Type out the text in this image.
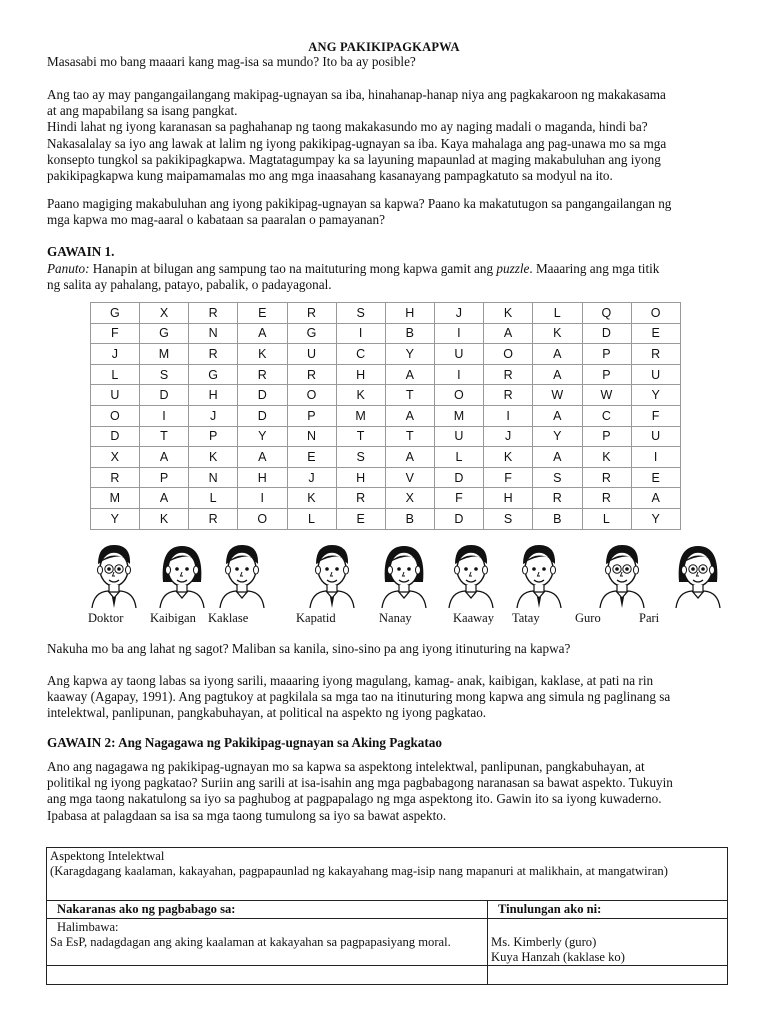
ANG PAKIKIPAGKAPWA

Masasabi mo bang maaari kang mag-isa sa mundo? Ito ba ay posible?

Ang tao ay may pangangailangang makipag-ugnayan sa iba, hinahanap-hanap niya ang pagkakaroon ng makakasama
at ang mapabilang sa isang pangkat.
Hindi lahat ng iyong karanasan sa paghahanap ng taong makakasundo mo ay naging madali o maganda, hindi ba?
Nakasalalay sa iyo ang lawak at lalim ng iyong pakikipag-ugnayan sa iba. Kaya mahalaga ang pag-unawa mo sa mga
konsepto tungkol sa pakikipagkapwa. Magtatagumpay ka sa layuning mapaunlad at maging makabuluhan ang iyong
pakikipagkapwa kung maipamamalas mo ang mga inaasahang kasanayang pampagkatuto sa modyul na ito.
Paano magiging makabuluhan ang iyong pakikipag-ugnayan sa kapwa? Paano ka makatutugon sa pangangailangan ng
mga kapwa mo mag-aaral o kabataan sa paaralan o pamayanan?
GAWAIN 1.
Panuto: Hanapin at bilugan ang sampung tao na maituturing mong kapwa gamit ang puzzle. Maaaring ang mga titik
ng salita ay pahalang, patayo, pabalik, o padayagonal.
G	X	R	E	R	S	H	J	K	L	Q	O
F	G	N	A	G	I	B	I	A	K	D	E
J	M	R	K	U	C	Y	U	O	A	P	R
L	S	G	R	R	H	A	I	R	A	P	U
U	D	H	D	O	K	T	O	R	W	W	Y
O	I	J	D	P	M	A	M	I	A	C	F
D	T	P	Y	N	T	T	U	J	Y	P	U
X	A	K	A	E	S	A	L	K	A	K	I
R	P	N	H	J	H	V	D	F	S	R	E
M	A	L	I	K	R	X	F	H	R	R	A
Y	K	R	O	L	E	B	D	S	B	L	Y
Doktor Kaibigan Kaklase	Kapatid	Nanay	Kaaway Tatay	Guro	Pari

Nakuha mo ba ang lahat ng sagot? Maliban sa kanila, sino-sino pa ang iyong itinuturing na kapwa?

Ang kapwa ay taong labas sa iyong sarili, maaaring iyong magulang, kamag- anak, kaibigan, kaklase, at pati na rin
kaaway (Agapay, 1991). Ang pagtukoy at pagkilala sa mga tao na itinuturing mong kapwa ang simula ng paglinang sa
intelektwal, panlipunan, pangkabuhayan, at political na aspekto ng iyong pagkatao.
GAWAIN 2: Ang Nagagawa ng Pakikipag-ugnayan sa Aking Pagkatao
Ano ang nagagawa ng pakikipag-ugnayan mo sa kapwa sa aspektong intelektwal, panlipunan, pangkabuhayan, at
politikal ng iyong pagkatao? Suriin ang sarili at isa-isahin ang mga pagbabagong naranasan sa bawat aspekto. Tukuyin
ang mga taong nakatulong sa iyo sa paghubog at pagpapalago ng mga aspektong ito. Gawin ito sa iyong kuwaderno.
Ipabasa at palagdaan sa isa sa mga taong tumulong sa iyo sa bawat aspekto.
Aspektong Intelektwal
(Karagdagang kaalaman, kakayahan, pagpapaunlad ng kakayahang mag-isip nang mapanuri at malikhain, at mangatwiran)	

Nakaranas ako ng pagbabago sa:	Tinulungan ako ni:

Halimbawa:
Sa EsP, nadagdagan ang aking kaalaman at kakayahan sa pagpapasiyang moral.	Ms. Kimberly (guro)
Kuya Hanzah (kaklase ko)
